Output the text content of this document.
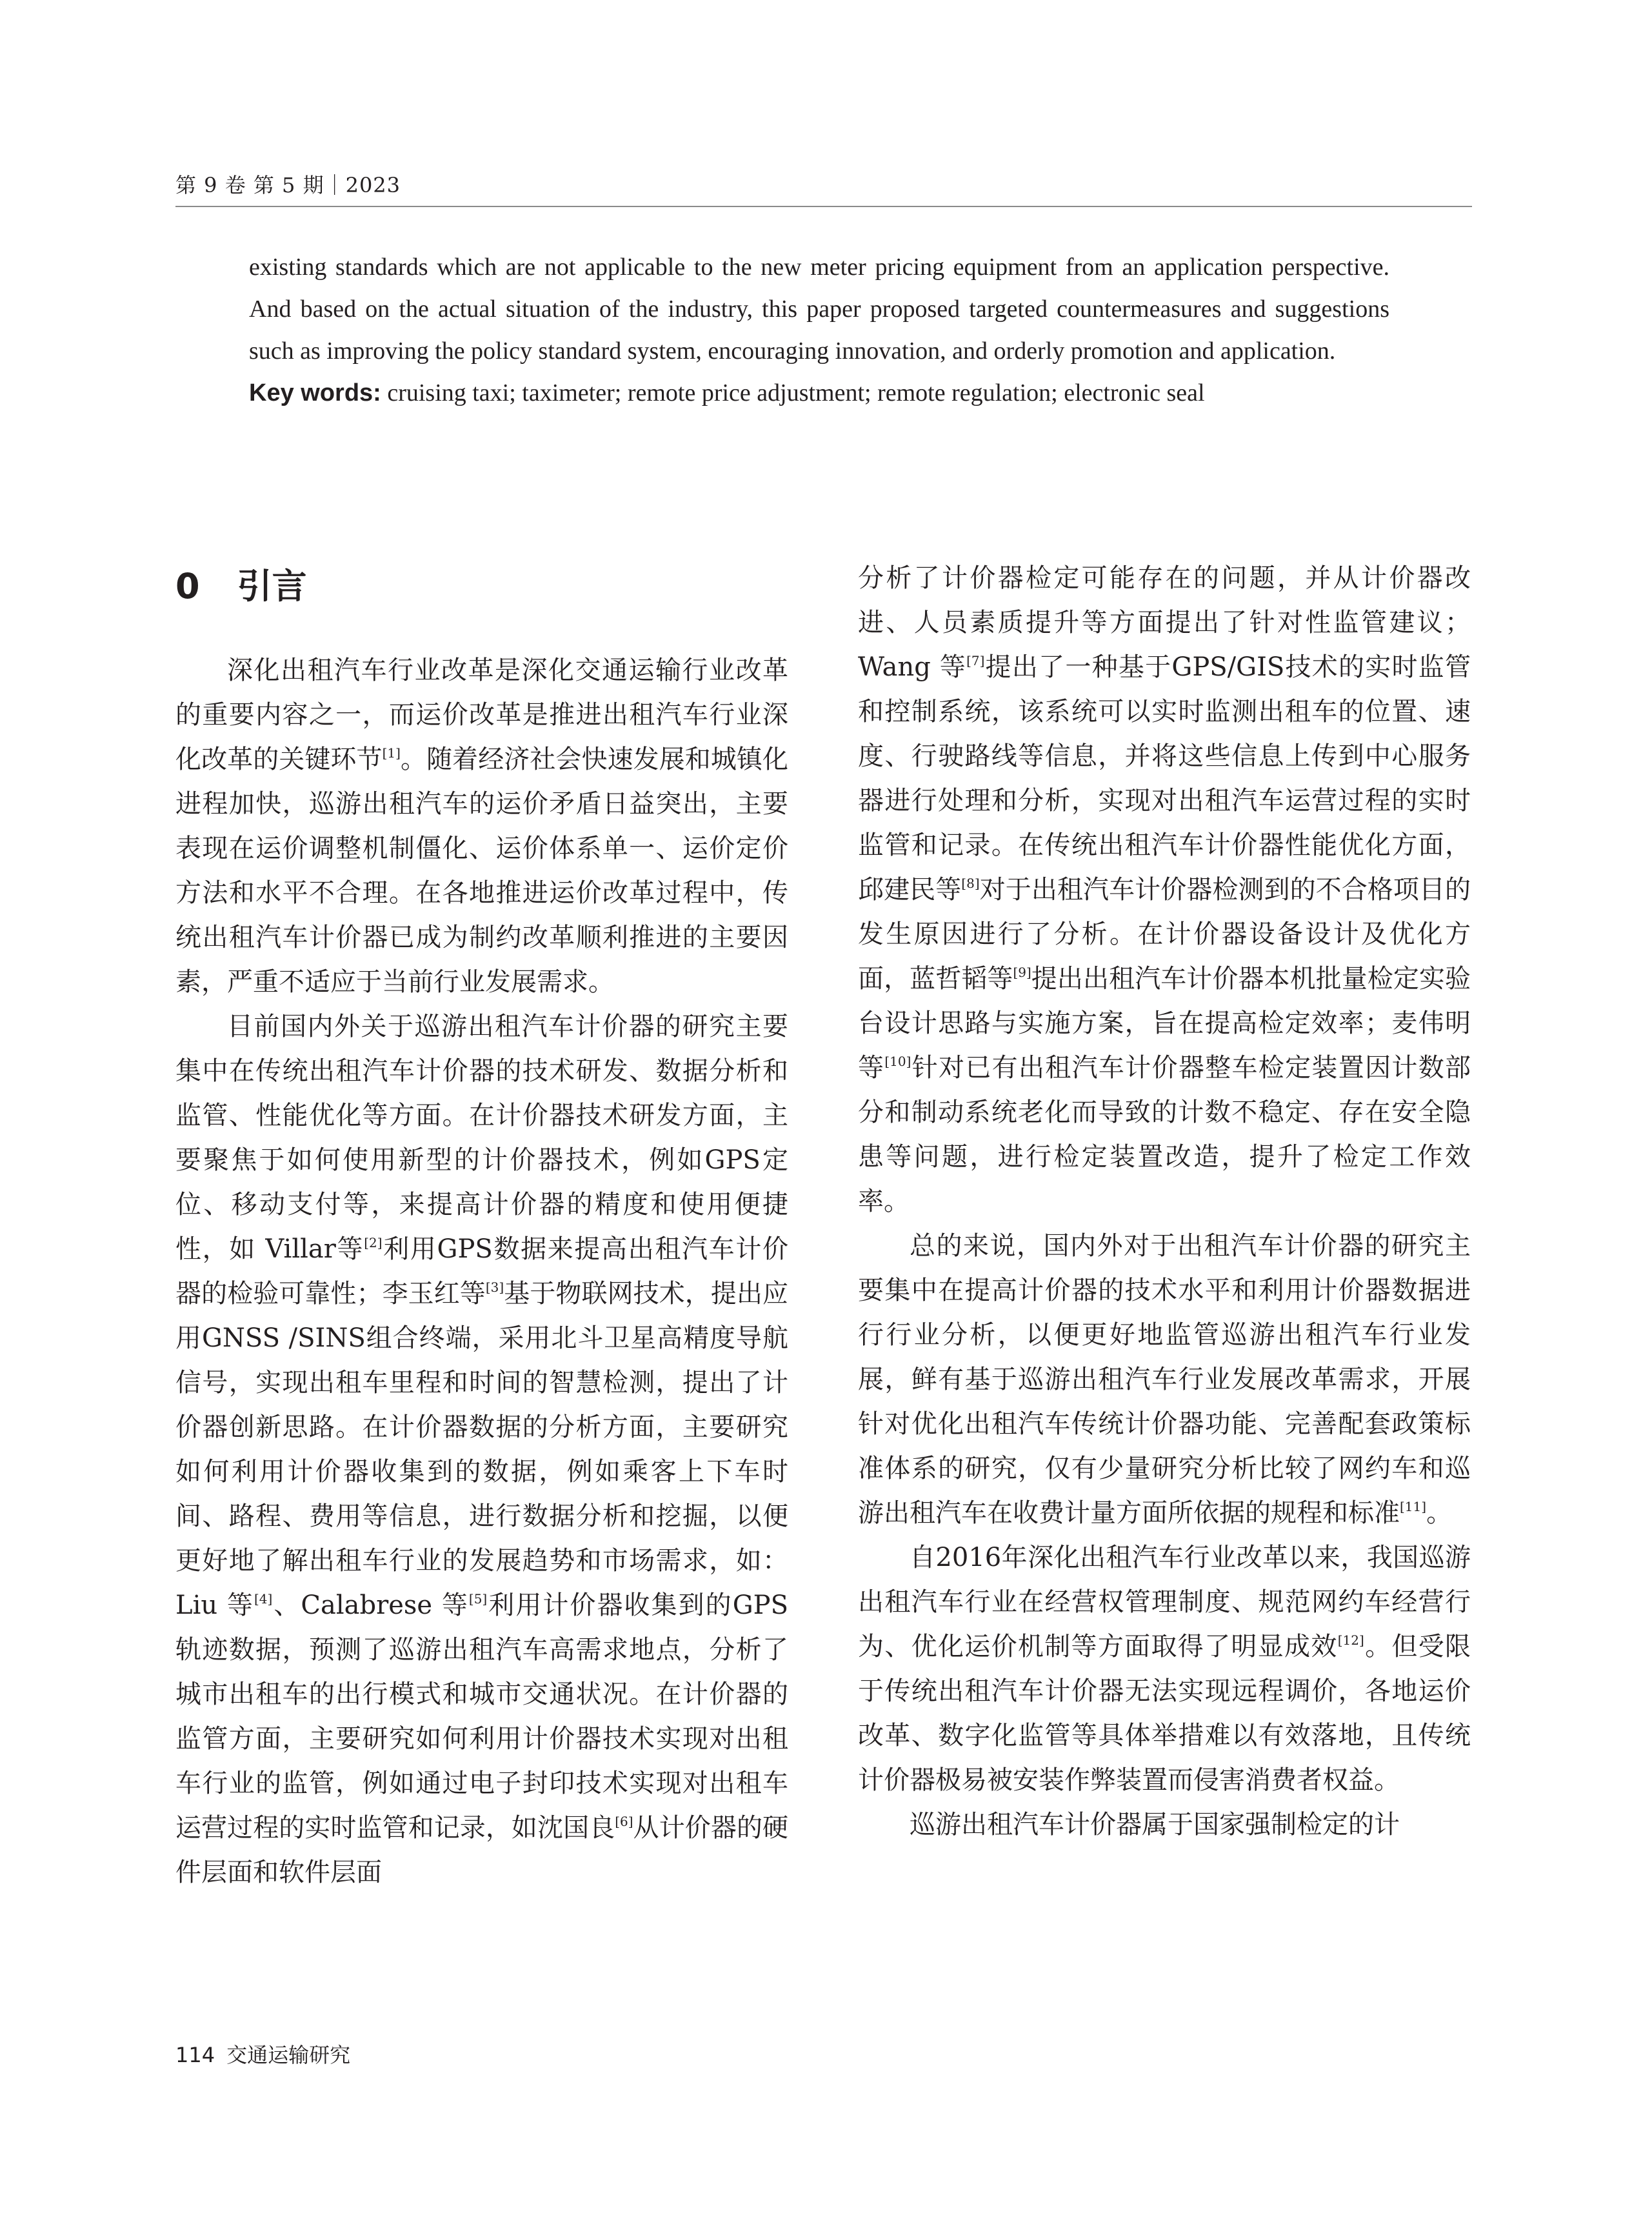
第 9 卷 第 5 期｜2023

existing standards which are not applicable to the new meter pricing equipment from an application perspective. And based on the actual situation of the industry, this paper proposed targeted countermeasures and suggestions such as improving the policy standard system, encouraging innovation, and orderly promotion and application.

Key words: cruising taxi; taximeter; remote price adjustment; remote regulation; electronic seal

0 引言

深化出租汽车行业改革是深化交通运输行业改革的重要内容之一，而运价改革是推进出租汽车行业深化改革的关键环节[1]。随着经济社会快速发展和城镇化进程加快，巡游出租汽车的运价矛盾日益突出，主要表现在运价调整机制僵化、运价体系单一、运价定价方法和水平不合理。在各地推进运价改革过程中，传统出租汽车计价器已成为制约改革顺利推进的主要因素，严重不适应于当前行业发展需求。

目前国内外关于巡游出租汽车计价器的研究主要集中在传统出租汽车计价器的技术研发、数据分析和监管、性能优化等方面。在计价器技术研发方面，主要聚焦于如何使用新型的计价器技术，例如GPS定位、移动支付等，来提高计价器的精度和使用便捷性，如 Villar等[2]利用GPS数据来提高出租汽车计价器的检验可靠性；李玉红等[3]基于物联网技术，提出应用GNSS /SINS组合终端，采用北斗卫星高精度导航信号，实现出租车里程和时间的智慧检测，提出了计价器创新思路。在计价器数据的分析方面，主要研究如何利用计价器收集到的数据，例如乘客上下车时间、路程、费用等信息，进行数据分析和挖掘，以便更好地了解出租车行业的发展趋势和市场需求，如：Liu 等[4]、Calabrese 等[5]利用计价器收集到的GPS轨迹数据，预测了巡游出租汽车高需求地点，分析了城市出租车的出行模式和城市交通状况。在计价器的监管方面，主要研究如何利用计价器技术实现对出租车行业的监管，例如通过电子封印技术实现对出租车运营过程的实时监管和记录，如沈国良[6]从计价器的硬件层面和软件层面

分析了计价器检定可能存在的问题，并从计价器改进、人员素质提升等方面提出了针对性监管建议；Wang 等[7]提出了一种基于GPS/GIS技术的实时监管和控制系统，该系统可以实时监测出租车的位置、速度、行驶路线等信息，并将这些信息上传到中心服务器进行处理和分析，实现对出租汽车运营过程的实时监管和记录。在传统出租汽车计价器性能优化方面，邱建民等[8]对于出租汽车计价器检测到的不合格项目的发生原因进行了分析。在计价器设备设计及优化方面，蓝哲韬等[9]提出出租汽车计价器本机批量检定实验台设计思路与实施方案，旨在提高检定效率；麦伟明等[10]针对已有出租汽车计价器整车检定装置因计数部分和制动系统老化而导致的计数不稳定、存在安全隐患等问题，进行检定装置改造，提升了检定工作效率。

总的来说，国内外对于出租汽车计价器的研究主要集中在提高计价器的技术水平和利用计价器数据进行行业分析，以便更好地监管巡游出租汽车行业发展，鲜有基于巡游出租汽车行业发展改革需求，开展针对优化出租汽车传统计价器功能、完善配套政策标准体系的研究，仅有少量研究分析比较了网约车和巡游出租汽车在收费计量方面所依据的规程和标准[11]。

自2016年深化出租汽车行业改革以来，我国巡游出租汽车行业在经营权管理制度、规范网约车经营行为、优化运价机制等方面取得了明显成效[12]。但受限于传统出租汽车计价器无法实现远程调价，各地运价改革、数字化监管等具体举措难以有效落地，且传统计价器极易被安装作弊装置而侵害消费者权益。

巡游出租汽车计价器属于国家强制检定的计

114 交通运输研究
